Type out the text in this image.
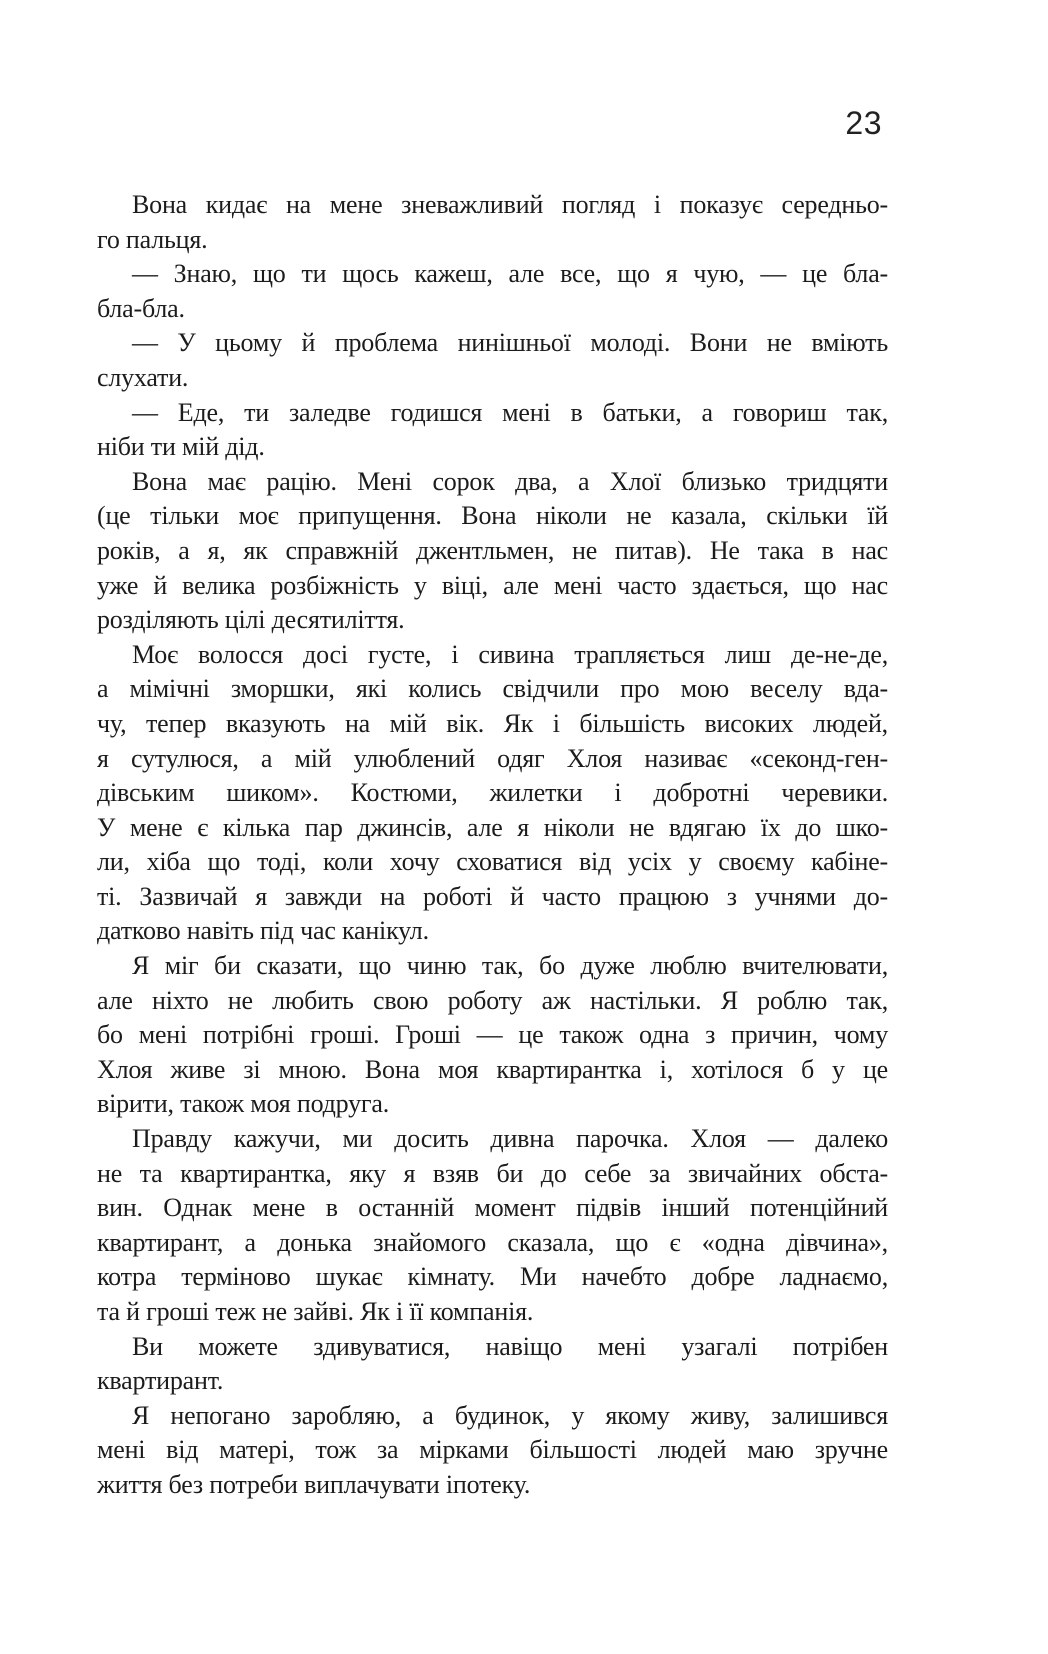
23
Вона кидає на мене зневажливий погляд і показує середньо-
го пальця.
— Знаю, що ти щось кажеш, але все, що я чую, — це бла-
бла-бла.
— У цьому й проблема нинішньої молоді. Вони не вміють
слухати.
— Еде, ти заледве годишся мені в батьки, а говориш так,
ніби ти мій дід.
Вона має рацію. Мені сорок два, а Хлої близько тридцяти
(це тільки моє припущення. Вона ніколи не казала, скільки їй
років, а я, як справжній джентльмен, не питав). Не така в нас
уже й велика розбіжність у віці, але мені часто здається, що нас
розділяють цілі десятиліття.
Моє волосся досі густе, і сивина трапляється лиш де-не-де,
а мімічні зморшки, які колись свідчили про мою веселу вда-
чу, тепер вказують на мій вік. Як і більшість високих людей,
я сутулюся, а мій улюблений одяг Хлоя називає «секонд-ген-
дівським шиком». Костюми, жилетки і добротні черевики.
У мене є кілька пар джинсів, але я ніколи не вдягаю їх до шко-
ли, хіба що тоді, коли хочу сховатися від усіх у своєму кабіне-
ті. Зазвичай я завжди на роботі й часто працюю з учнями до-
датково навіть під час канікул.
Я міг би сказати, що чиню так, бо дуже люблю вчителювати,
але ніхто не любить свою роботу аж настільки. Я роблю так,
бо мені потрібні гроші. Гроші — це також одна з причин, чому
Хлоя живе зі мною. Вона моя квартирантка і, хотілося б у це
вірити, також моя подруга.
Правду кажучи, ми досить дивна парочка. Хлоя — далеко
не та квартирантка, яку я взяв би до себе за звичайних обста-
вин. Однак мене в останній момент підвів інший потенційний
квартирант, а донька знайомого сказала, що є «одна дівчина»,
котра терміново шукає кімнату. Ми начебто добре ладнаємо,
та й гроші теж не зайві. Як і її компанія.
Ви можете здивуватися, навіщо мені узагалі потрібен
квартирант.
Я непогано заробляю, а будинок, у якому живу, залишився
мені від матері, тож за мірками більшості людей маю зручне
життя без потреби виплачувати іпотеку.
